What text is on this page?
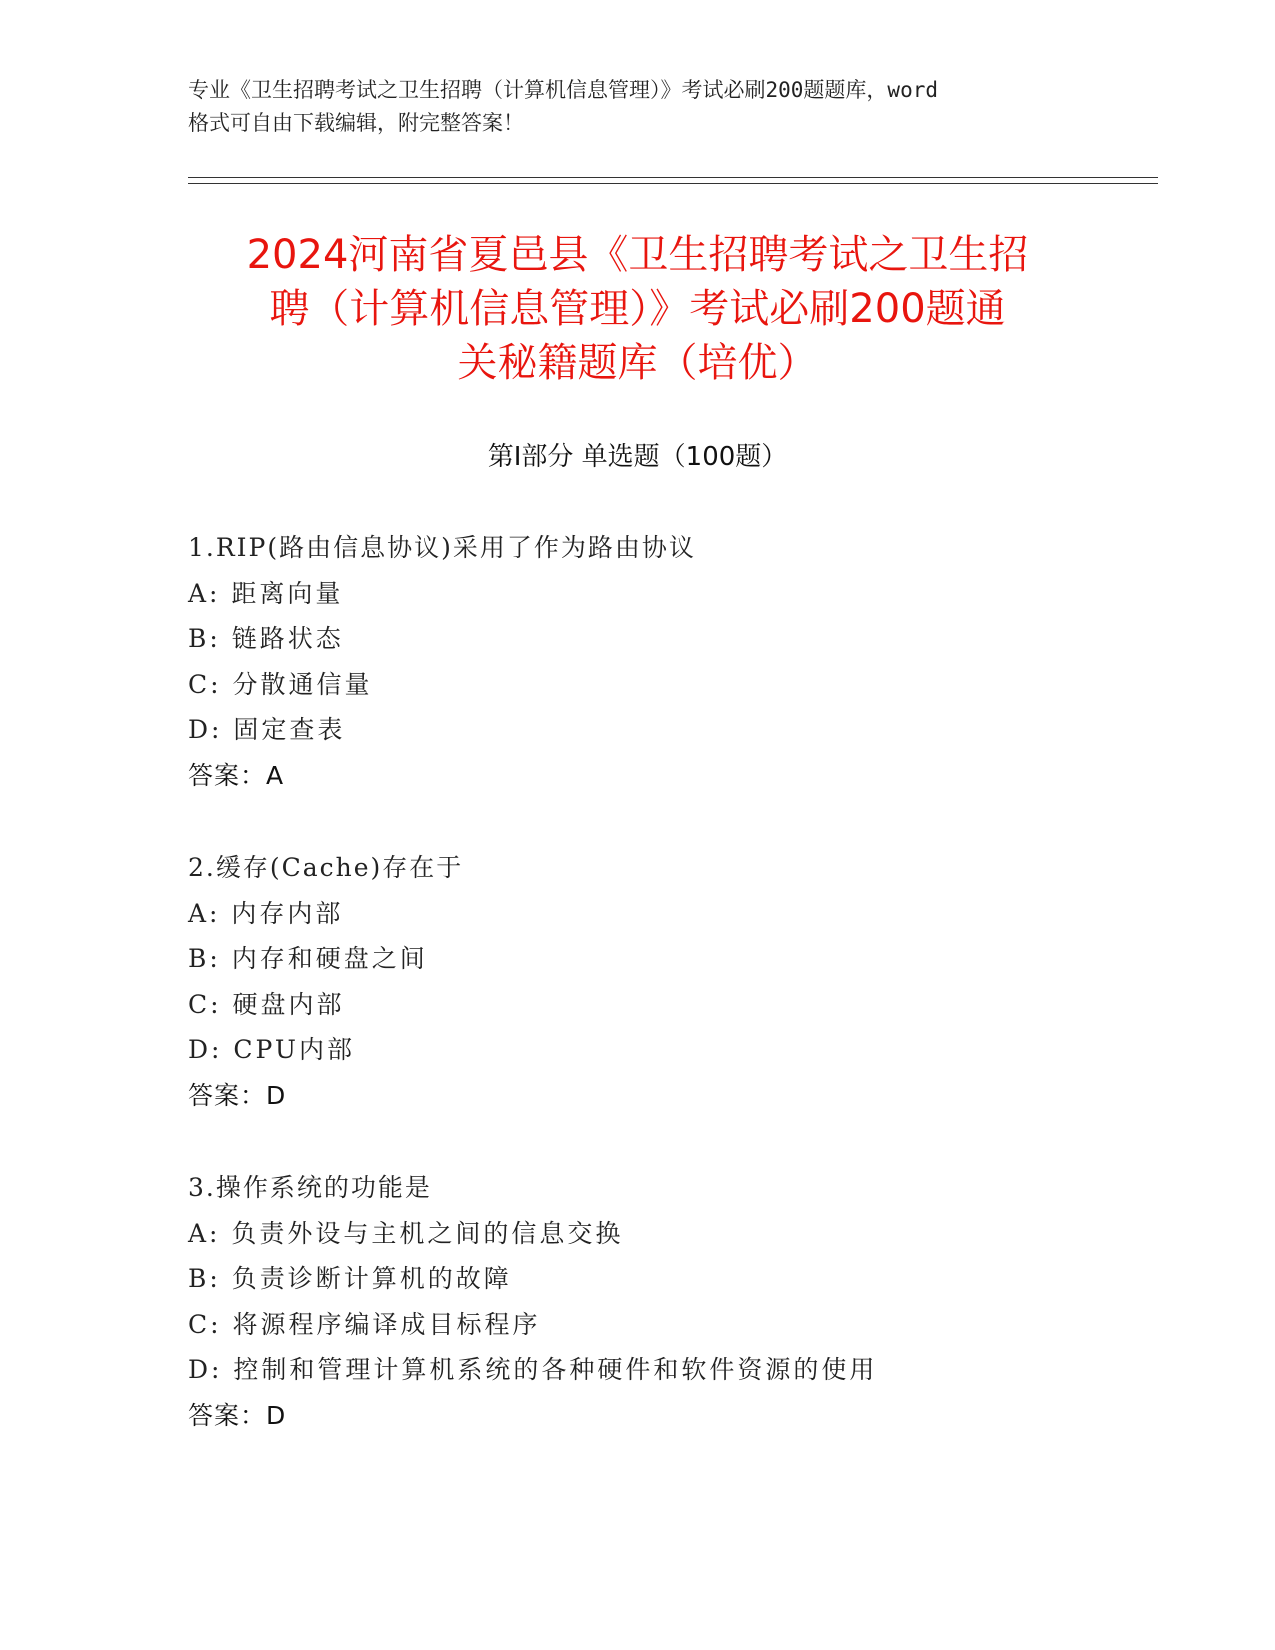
专业《卫生招聘考试之卫生招聘（计算机信息管理）》考试必刷200题题库，word
格式可自由下载编辑，附完整答案！
2024河南省夏邑县《卫生招聘考试之卫生招
聘（计算机信息管理）》考试必刷200题通
关秘籍题库（培优）
第Ⅰ部分 单选题（100题）
1.RIP(路由信息协议)采用了作为路由协议
A: 距离向量
B: 链路状态
C: 分散通信量
D: 固定查表
答案：A
2.缓存(Cache)存在于
A: 内存内部
B: 内存和硬盘之间
C: 硬盘内部
D: CPU内部
答案：D
3.操作系统的功能是
A: 负责外设与主机之间的信息交换
B: 负责诊断计算机的故障
C: 将源程序编译成目标程序
D: 控制和管理计算机系统的各种硬件和软件资源的使用
答案：D
